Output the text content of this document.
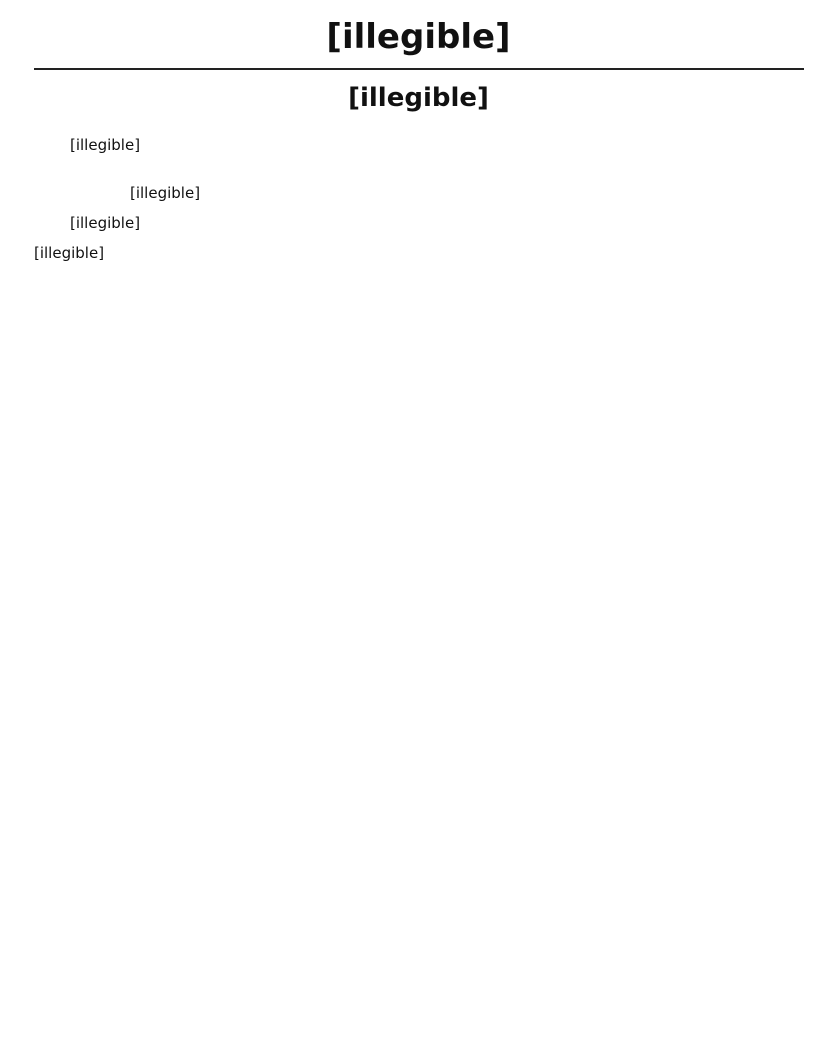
[illegible]
[illegible]

[illegible]

[illegible]

[illegible]

[illegible]
